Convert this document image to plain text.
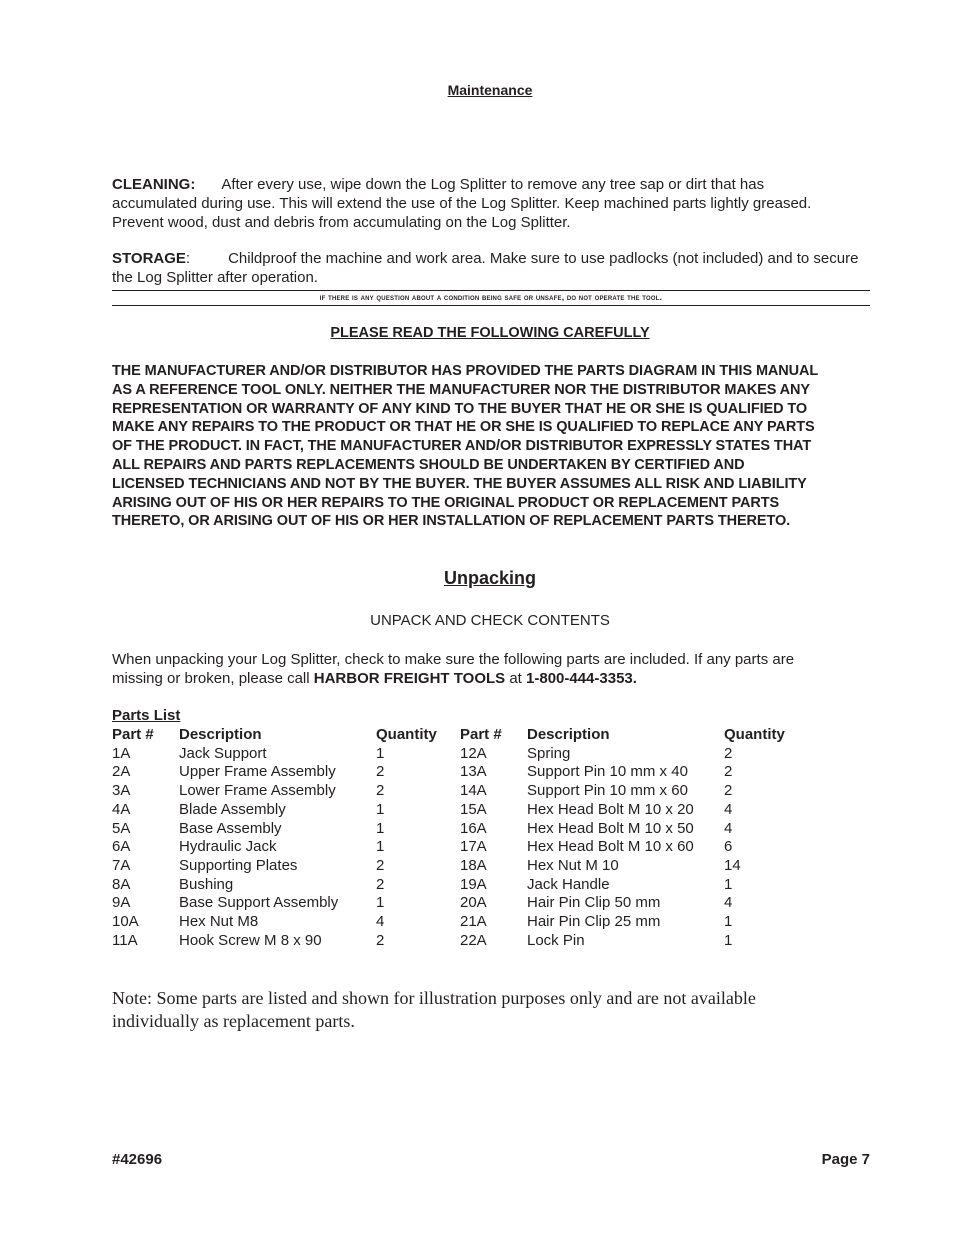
Maintenance
CLEANING: After every use, wipe down the Log Splitter to remove any tree sap or dirt that has
accumulated during use. This will extend the use of the Log Splitter. Keep machined parts lightly greased.
Prevent wood, dust and debris from accumulating on the Log Splitter.
STORAGE:	Childproof the machine and work area. Make sure to use padlocks (not included) and to secure
the Log Splitter after operation.
if there is any question about a condition being safe or unsafe, do not operate the tool.
PLEASE READ THE FOLLOWING CAREFULLY
THE MANUFACTURER AND/OR DISTRIBUTOR HAS PROVIDED THE PARTS DIAGRAM IN THIS MANUAL
AS A REFERENCE TOOL ONLY. NEITHER THE MANUFACTURER NOR THE DISTRIBUTOR MAKES ANY
REPRESENTATION OR WARRANTY OF ANY KIND TO THE BUYER THAT HE OR SHE IS QUALIFIED TO
MAKE ANY REPAIRS TO THE PRODUCT OR THAT HE OR SHE IS QUALIFIED TO REPLACE ANY PARTS
OF THE PRODUCT. IN FACT, THE MANUFACTURER AND/OR DISTRIBUTOR EXPRESSLY STATES THAT
ALL REPAIRS AND PARTS REPLACEMENTS SHOULD BE UNDERTAKEN BY CERTIFIED AND
LICENSED TECHNICIANS AND NOT BY THE BUYER. THE BUYER ASSUMES ALL RISK AND LIABILITY
ARISING OUT OF HIS OR HER REPAIRS TO THE ORIGINAL PRODUCT OR REPLACEMENT PARTS
THERETO, OR ARISING OUT OF HIS OR HER INSTALLATION OF REPLACEMENT PARTS THERETO.
Unpacking
UNPACK AND CHECK CONTENTS
When unpacking your Log Splitter, check to make sure the following parts are included. If any parts are
missing or broken, please call HARBOR FREIGHT TOOLS at 1-800-444-3353.
Parts List
Part #
1A
2A
3A
4A
5A
6A
7A
8A
9A
10A
11A
Description
Jack Support
Upper Frame Assembly
Lower Frame Assembly
Blade Assembly
Base Assembly
Hydraulic Jack
Supporting Plates
Bushing
Base Support Assembly
Hex Nut M8
Hook Screw M 8 x 90
Quantity
1
2
2
1
1
1
2
2
1
4
2
Part #
12A
13A
14A
15A
16A
17A
18A
19A
20A
21A
22A
Description
Spring
Support Pin 10 mm x 40
Support Pin 10 mm x 60
Hex Head Bolt M 10 x 20
Hex Head Bolt M 10 x 50
Hex Head Bolt M 10 x 60
Hex Nut M 10
Jack Handle
Hair Pin Clip 50 mm
Hair Pin Clip 25 mm
Lock Pin
Quantity
2
2
2
4
4
6
14
1
4
1
1
Note: Some parts are listed and shown for illustration purposes only and are not available
individually as replacement parts.
#42696	Page 7
